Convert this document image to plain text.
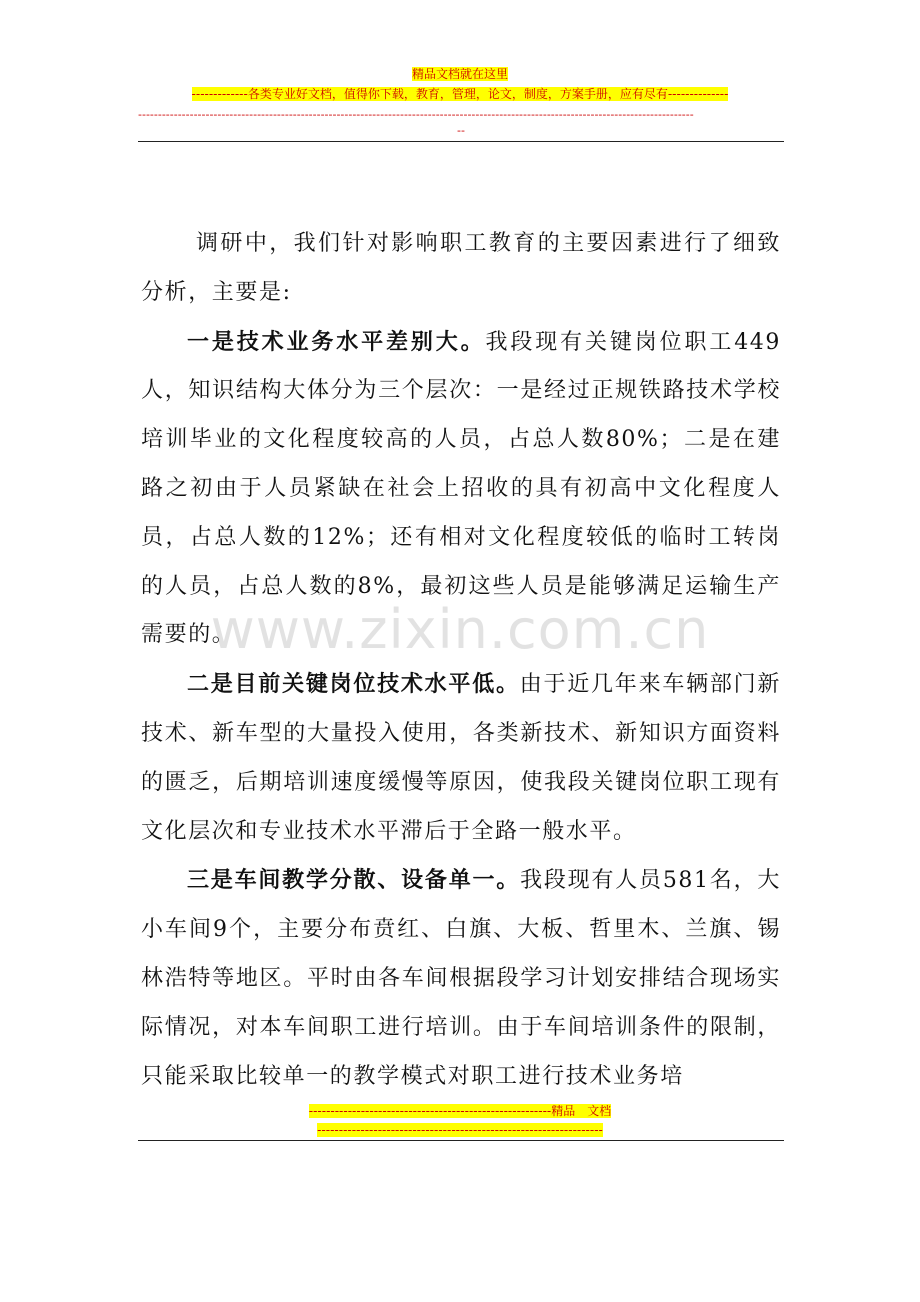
精品文档就在这里
-------------各类专业好文档，值得你下载，教育，管理，论文，制度，方案手册，应有尽有--------------
--------------------------------------------------------------------------------------------------------------------------------------------
--
www.zixin.com.cn

调研中，我们针对影响职工教育的主要因素进行了细致分析，主要是:

一是技术业务水平差别大。我段现有关键岗位职工449人，知识结构大体分为三个层次：一是经过正规铁路技术学校培训毕业的文化程度较高的人员，占总人数80%；二是在建路之初由于人员紧缺在社会上招收的具有初高中文化程度人员，占总人数的12%；还有相对文化程度较低的临时工转岗的人员，占总人数的8%，最初这些人员是能够满足运输生产需要的。

二是目前关键岗位技术水平低。由于近几年来车辆部门新技术、新车型的大量投入使用，各类新技术、新知识方面资料的匮乏，后期培训速度缓慢等原因，使我段关键岗位职工现有文化层次和专业技术水平滞后于全路一般水平。

三是车间教学分散、设备单一。我段现有人员581名，大小车间9个，主要分布贲红、白旗、大板、哲里木、兰旗、锡林浩特等地区。平时由各车间根据段学习计划安排结合现场实际情况，对本车间职工进行培训。由于车间培训条件的限制，只能采取比较单一的教学模式对职工进行技术业务培

--------------------------------------------------------精品　文档
------------------------------------------------------------------
